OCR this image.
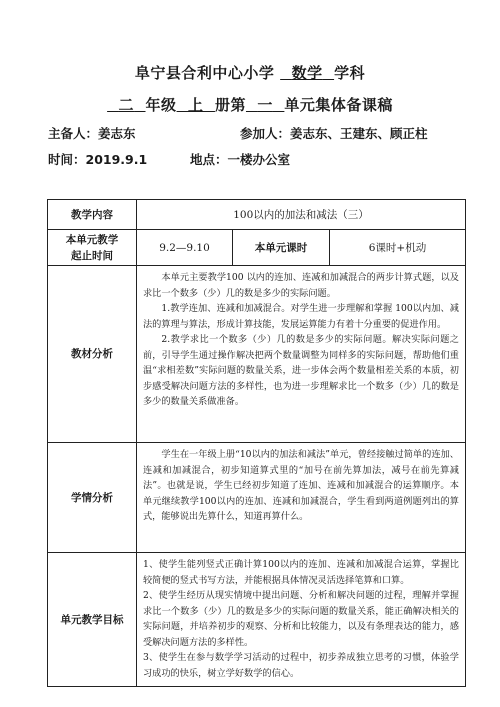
阜宁县合利中心小学 数学 学科
二 年级 上 册第 一 单元集体备课稿
主备人：姜志东	参加人：姜志东、王建东、顾正柱
时间：2019.9.1	地点：一楼办公室
教学内容	100以内的加法和减法（三）		

本单元教学
起止时间	9.2—9.10	本单元课时	6课时+机动
教材分析	本单元主要教学100 以内的连加、连减和加减混合的两步计算式题，以及求比一个数多（少）几的数是多少的实际问题。

1.教学连加、连减和加减混合。对学生进一步理解和掌握 100以内加、减法的算理与算法，形成计算技能，发展运算能力有着十分重要的促进作用。

2.教学求比一个数多（少）几的数是多少的实际问题。解决实际问题之前，引导学生通过操作解决把两个数量调整为同样多的实际问题，帮助他们重温“求相差数”实际问题的数量关系，进一步体会两个数量相差关系的本质，初步感受解决问题方法的多样性，也为进一步理解求比一个数多（少）几的数是多少的数量关系做准备。		

学情分析	学生在一年级上册“10以内的加法和减法”单元，曾经接触过简单的连加、连减和加减混合，初步知道算式里的“加号在前先算加法，减号在前先算减法”。也就是说，学生已经初步知道了连加、连减和加减混合的运算顺序。本单元继续教学100以内的连加、连减和加减混合，学生看到两道例题列出的算式，能够说出先算什么，知道再算什么。		

单元教学目标	1、使学生能列竖式正确计算100以内的连加、连减和加减混合运算，掌握比较简便的竖式书写方法，并能根据具体情况灵活选择笔算和口算。

2、使学生经历从现实情境中提出问题、分析和解决问题的过程，理解并掌握求比一个数多（少）几的数是多少的实际问题的数量关系，能正确解决相关的实际问题，并培养初步的观察、分析和比较能力，以及有条理表达的能力，感受解决问题方法的多样性。

3、使学生在参与数学学习活动的过程中，初步养成独立思考的习惯，体验学习成功的快乐，树立学好数学的信心。		
